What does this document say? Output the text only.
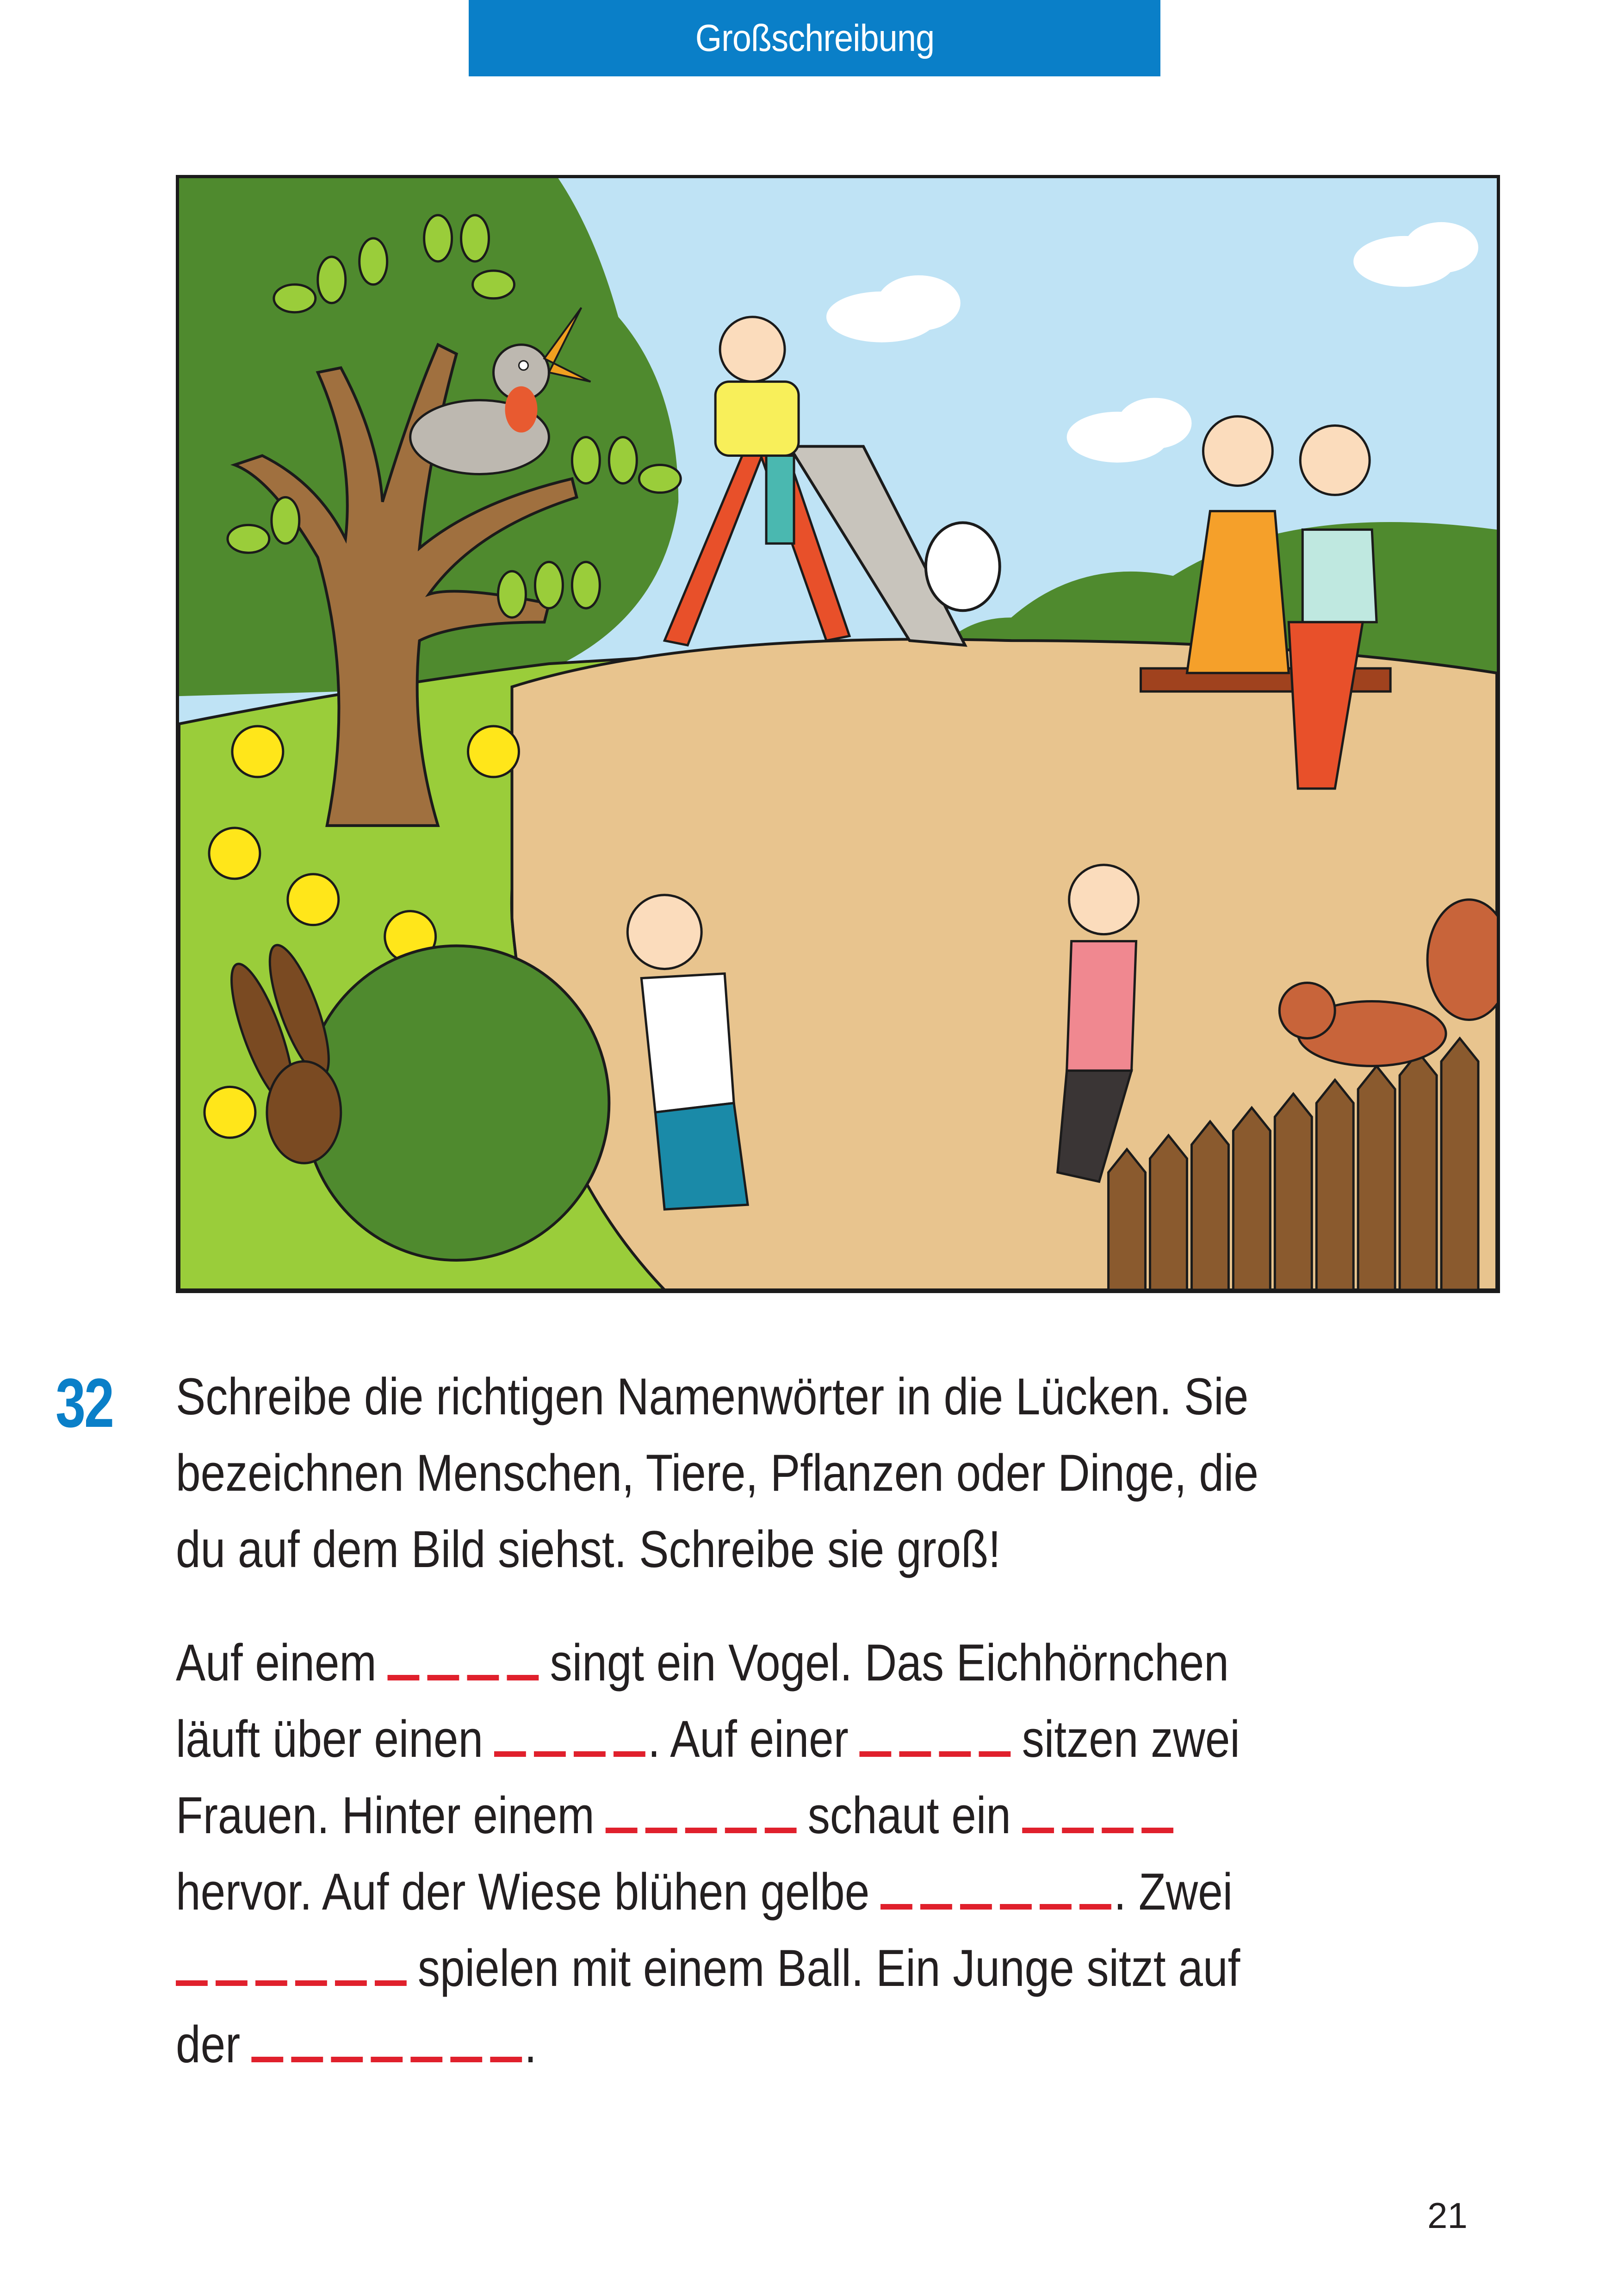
Großschreibung
32 Schreibe die richtigen Namenwörter in die Lücken. Sie
bezeichnen Menschen, Tiere, Pflanzen oder Dinge, die
du auf dem Bild siehst. Schreibe sie groß!
Auf einem	singt ein Vogel. Das Eichhörnchen
läuft über einen	. Auf einer	sitzen zwei
Frauen. Hinter einem	schaut ein
hervor. Auf der Wiese blühen gelbe	. Zwei
spielen mit einem Ball. Ein Junge sitzt auf
der	.
21
